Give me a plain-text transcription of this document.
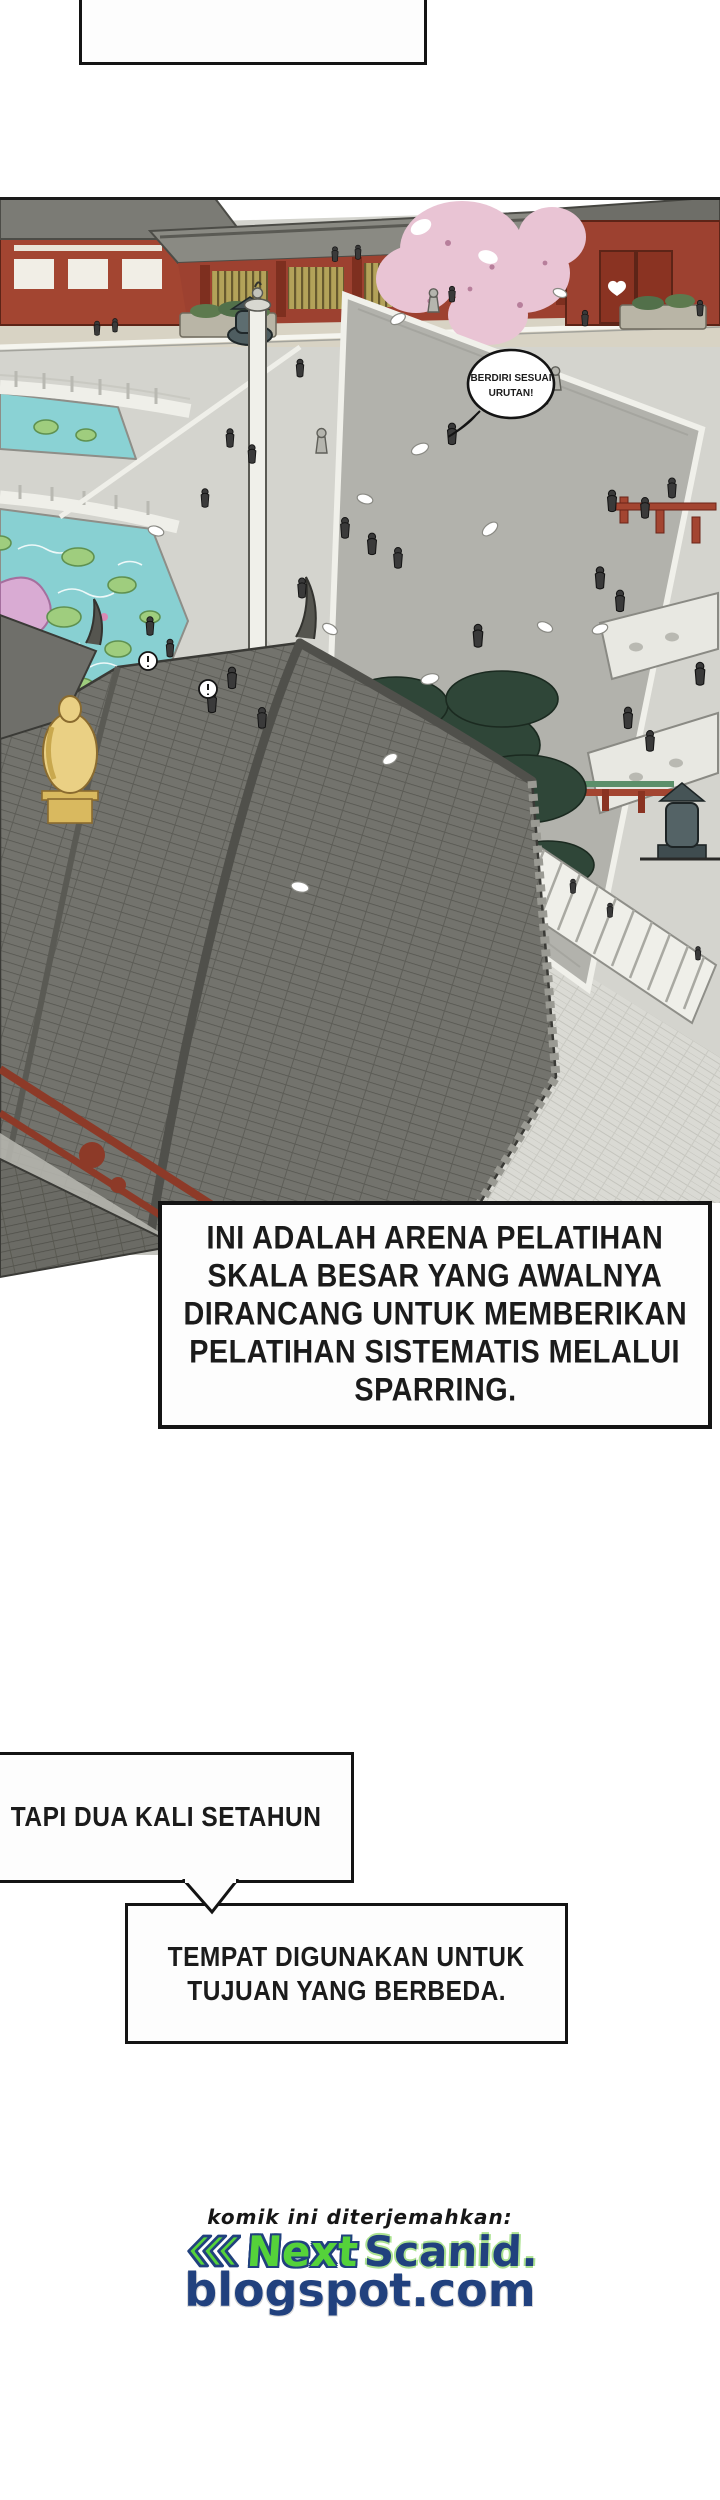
BERDIRI SESUAI
URUTAN!
INI ADALAH ARENA PELATIHAN
SKALA BESAR YANG AWALNYA
DIRANCANG UNTUK MEMBERIKAN
PELATIHAN SISTEMATIS MELALUI
SPARRING.
TAPI DUA KALI SETAHUN
TEMPAT DIGUNAKAN UNTUK
TUJUAN YANG BERBEDA.
komik ini diterjemahkan:
Next Scanid.
blogspot.com
